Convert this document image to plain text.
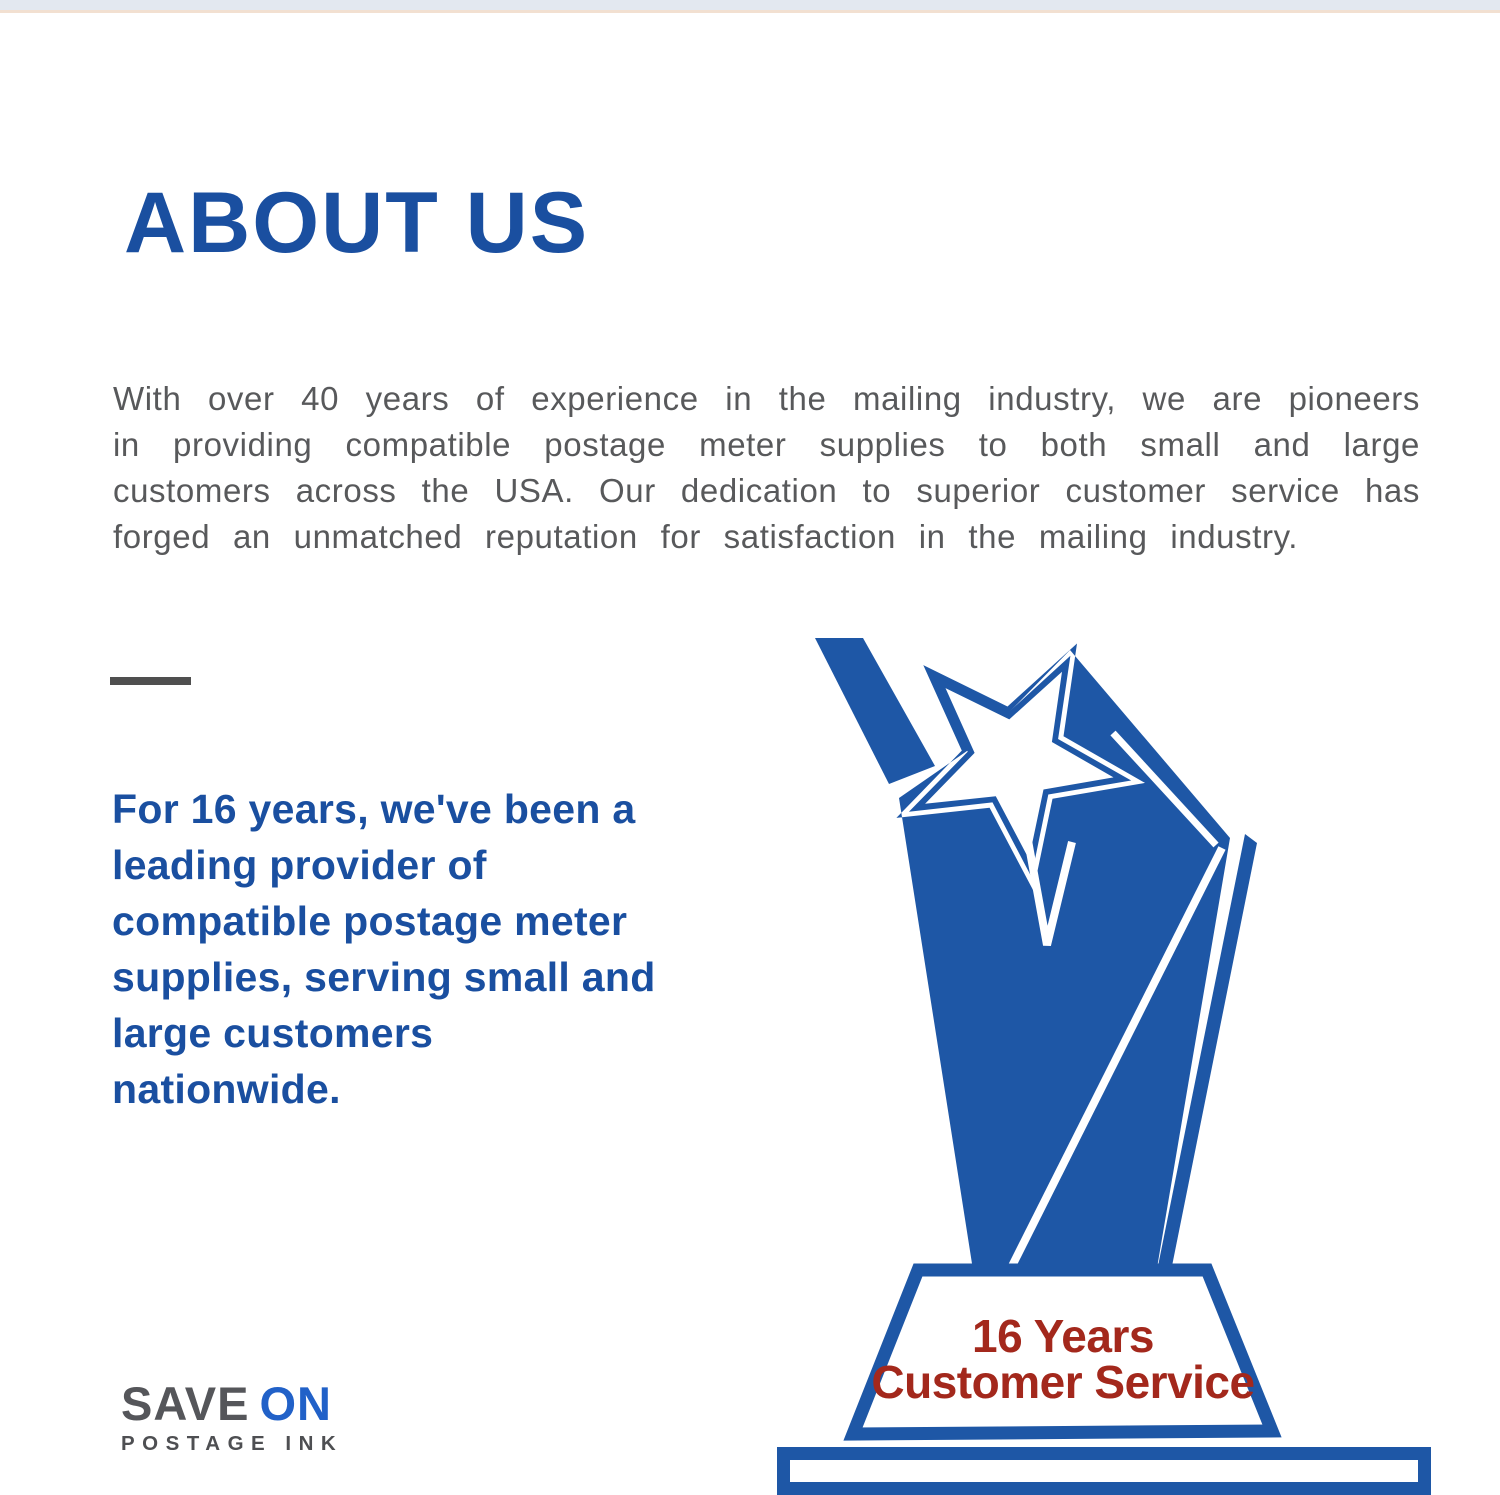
ABOUT US

With over 40 years of experience in the mailing industry, we are pioneers in providing compatible postage meter supplies to both small and large customers across the USA. Our dedication to superior customer service has forged an unmatched reputation for satisfaction in the mailing industry.

For 16 years, we've been a
leading provider of
compatible postage meter
supplies, serving small and
large customers
nationwide.
16 Years
Customer Service
SAVE ON
POSTAGE INK
